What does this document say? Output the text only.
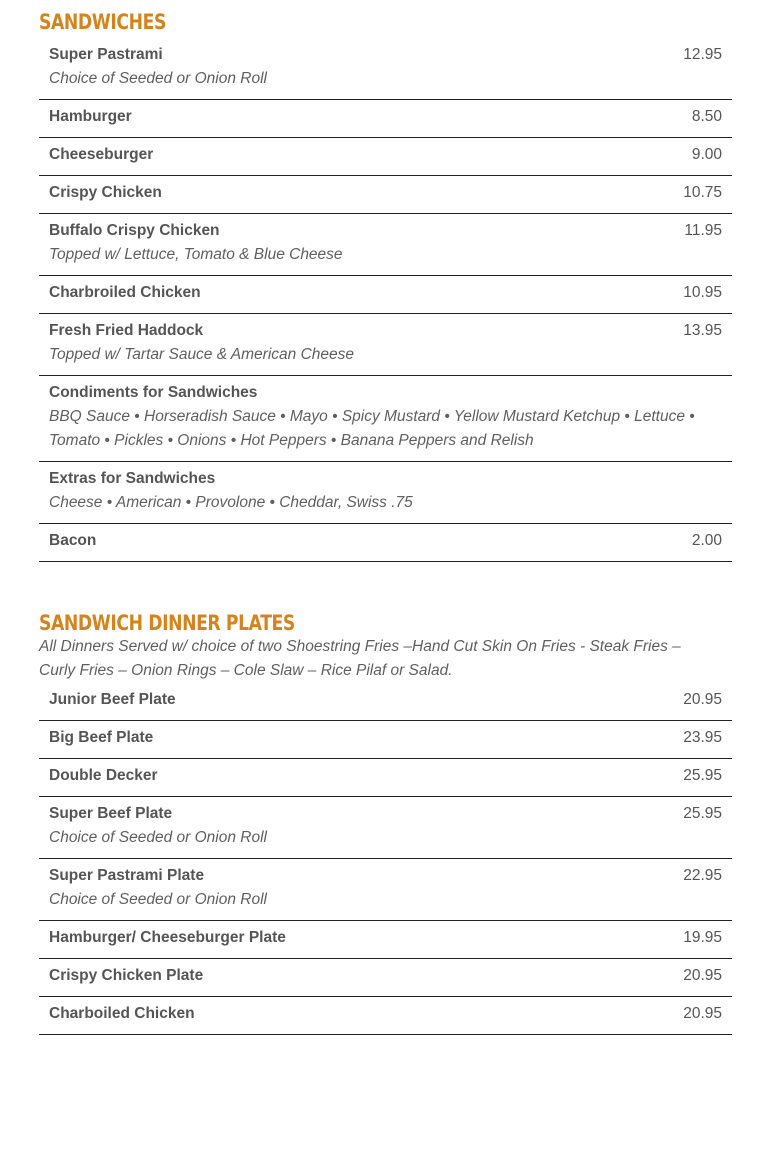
SANDWICHES
Super Pastrami	12.95
Choice of Seeded or Onion Roll
Hamburger	8.50
Cheeseburger	9.00
Crispy Chicken	10.75
Buffalo Crispy Chicken	11.95
Topped w/ Lettuce, Tomato & Blue Cheese
Charbroiled Chicken	10.95
Fresh Fried Haddock	13.95
Topped w/ Tartar Sauce & American Cheese
Condiments for Sandwiches
BBQ Sauce • Horseradish Sauce • Mayo • Spicy Mustard • Yellow Mustard Ketchup • Lettuce • Tomato • Pickles • Onions • Hot Peppers • Banana Peppers and Relish
Extras for Sandwiches
Cheese • American • Provolone • Cheddar, Swiss .75
Bacon	2.00
SANDWICH DINNER PLATES

All Dinners Served w/ choice of two Shoestring Fries –Hand Cut Skin On Fries - Steak Fries – Curly Fries – Onion Rings – Cole Slaw – Rice Pilaf or Salad.

Junior Beef Plate	20.95
Big Beef Plate	23.95
Double Decker	25.95
Super Beef Plate	25.95
Choice of Seeded or Onion Roll
Super Pastrami Plate	22.95
Choice of Seeded or Onion Roll
Hamburger/ Cheeseburger Plate	19.95
Crispy Chicken Plate	20.95
Charboiled Chicken	20.95
